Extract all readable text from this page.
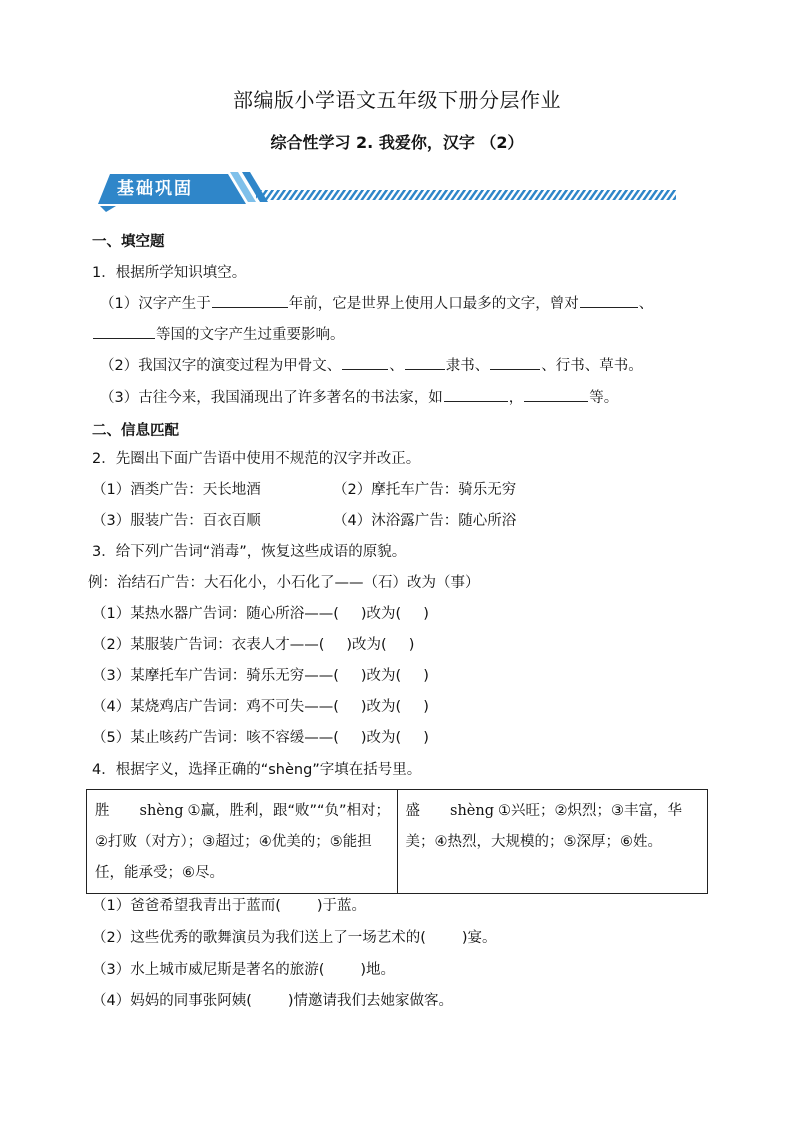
部编版小学语文五年级下册分层作业
综合性学习 2. 我爱你，汉字 （2）
基础巩固
一、填空题
1．根据所学知识填空。
（1）汉字产生于	年前，它是世界上使用人口最多的文字，曾对	、
等国的文字产生过重要影响。
（2）我国汉字的演变过程为甲骨文、	、	隶书、	、行书、草书。
（3）古往今来，我国涌现出了许多著名的书法家，如	，	等。
二、信息匹配
2．先圈出下面广告语中使用不规范的汉字并改正。
（1）酒类广告：天长地酒	（2）摩托车广告：骑乐无穷
（3）服装广告：百衣百顺	（4）沐浴露广告：随心所浴
3．给下列广告词“消毒”，恢复这些成语的原貌。
例：治结石广告：大石化小，小石化了——（石）改为（事）
（1）某热水器广告词：随心所浴——( )改为( )
（2）某服装广告词：衣表人才——( )改为( )
（3）某摩托车广告词：骑乐无穷——( )改为( )
（4）某烧鸡店广告词：鸡不可失——( )改为( )
（5）某止咳药广告词：咳不容缓——( )改为( )
4．根据字义，选择正确的“shèng”字填在括号里。
胜 shèng ①赢，胜利，跟“败”“负”相对；②打败（对方）；③超过；④优美的；⑤能担任，能承受；⑥尽。	盛 shèng ①兴旺；②炽烈；③丰富，华美；④热烈，大规模的；⑤深厚；⑥姓。
（1）爸爸希望我青出于蓝而( )于蓝。
（2）这些优秀的歌舞演员为我们送上了一场艺术的( )宴。
（3）水上城市威尼斯是著名的旅游( )地。
（4）妈妈的同事张阿姨( )情邀请我们去她家做客。
